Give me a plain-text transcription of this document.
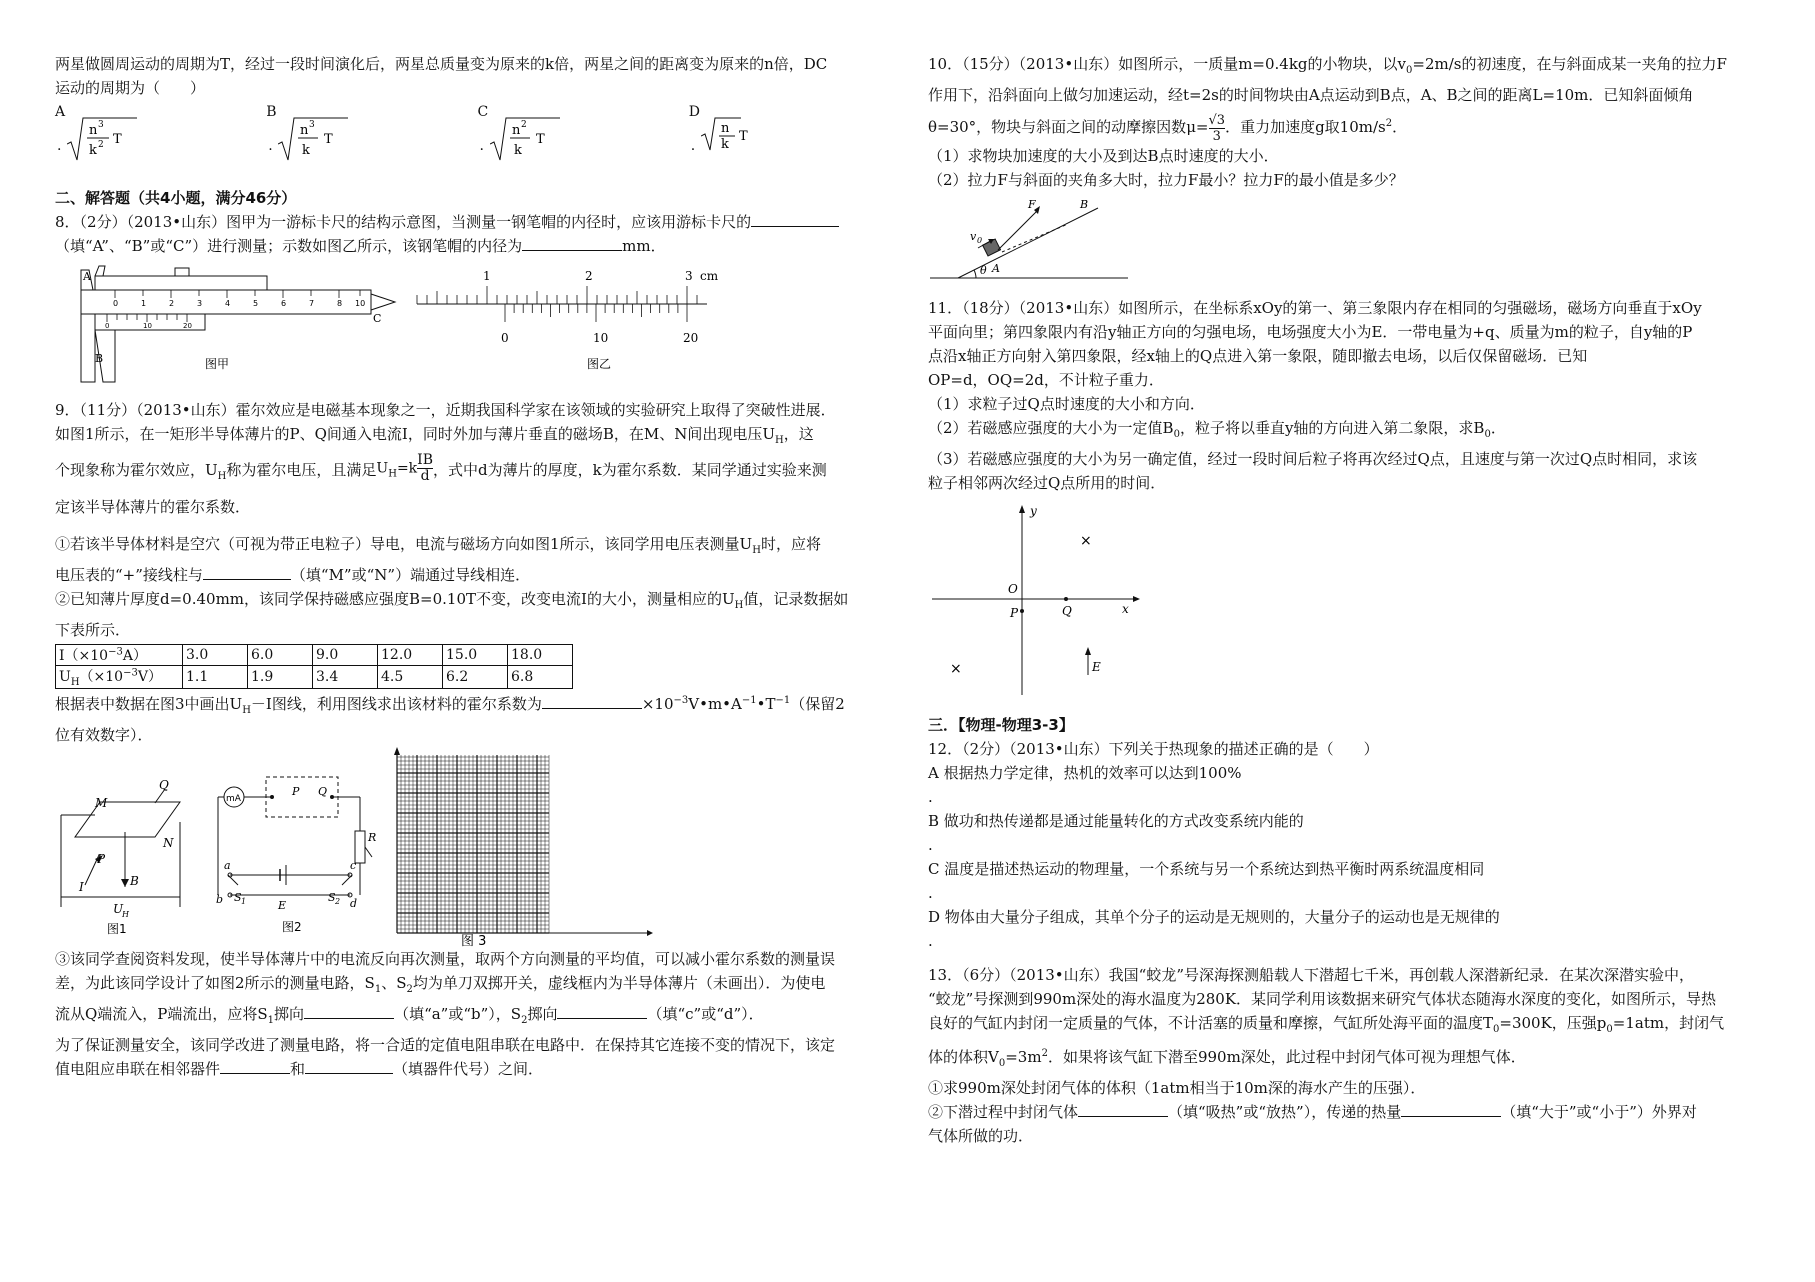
两星做圆周运动的周期为T，经过一段时间演化后，两星总质量变为原来的k倍，两星之间的距离变为原来的n倍，DC

运动的周期为（　　）

A
.
n 3
k 2 T
B
.
n 3
k
T
C
.
n 2
k
T
D
.
n
k
T

二、解答题（共4小题，满分46分）

8．（2分）（2013•山东）图甲为一游标卡尺的结构示意图，当测量一钢笔帽的内径时，应该用游标卡尺的

（填“A”、“B”或“C”）进行测量；示数如图乙所示，该钢笔帽的内径为	mm．

0	1	2	3	4	5	6	7	8 10
0	10	20
A
B
C
图甲
1	2	3 cm
0	10	20
图乙

9．（11分）（2013•山东）霍尔效应是电磁基本现象之一，近期我国科学家在该领域的实验研究上取得了突破性进展．

如图1所示，在一矩形半导体薄片的P、Q间通入电流I，同时外加与薄片垂直的磁场B，在M、N间出现电压$U_H$，这

个现象称为霍尔效应，$U_H$称为霍尔电压，且满足$U_H=k \frac{IB}{d}$ ，式中d为薄片的厚度，k为霍尔系数．某同学通过实验来测

定该半导体薄片的霍尔系数．

①若该半导体材料是空穴（可视为带正电粒子）导电，电流与磁场方向如图1所示，该同学用电压表测量$U_H$时，应将

电压表的“+”接线柱与	（填“M”或“N”）端通过导线相连．

②已知薄片厚度d=0.40mm，该同学保持磁感应强度B=0.10T不变，改变电流I的大小，测量相应的$U_H$值，记录数据如

下表所示．

$I(\times 10^{-3}A)$	3.0	6.0	9.0	12.0	15.0	18.0
$U_H(\times 10^{-3}V)$	1.1	1.9	3.4	4.5	6.2	6.8

根据表中数据在图3中画出$U_H-I$图线，利用图线求出该材料的霍尔系数为	$\times 10^{-3}V•m•A^{-1}•T^{-1}$（保留2

位有效数字）．

M
N
P
Q
B
I
U
H
图1
mA
P Q
R
a
b
c
d
S 1	S 2
E
图2
图 3

③该同学查阅资料发现，使半导体薄片中的电流反向再次测量，取两个方向测量的平均值，可以减小霍尔系数的测量误

差，为此该同学设计了如图2所示的测量电路，$S_1$、$S_2$均为单刀双掷开关，虚线框内为半导体薄片（未画出）．为使电

流从Q端流入，P端流出，应将$S_1$掷向	（填“a”或“b”），$S_2$掷向	（填“c”或“d”）．

为了保证测量安全，该同学改进了测量电路，将一合适的定值电阻串联在电路中．在保持其它连接不变的情况下，该定

值电阻应串联在相邻器件	和	（填器件代号）之间．

10．（15分）（2013•山东）如图所示，一质量m=0.4kg的小物块，以$v_0=2m/s$的初速度，在与斜面成某一夹角的拉力F

作用下，沿斜面向上做匀加速运动，经t=2s的时间物块由A点运动到B点，A、B之间的距离L=10m．已知斜面倾角

θ=30°，物块与斜面之间的动摩擦因数$\mu= \frac{√3}{3}$ ．重力加速度g取$10m/s^2$．

（1）求物块加速度的大小及到达B点时速度的大小．

（2）拉力F与斜面的夹角多大时，拉力F最小？拉力F的最小值是多少？

F	B
A
v 0
θ

11．（18分）（2013•山东）如图所示，在坐标系xOy的第一、第三象限内存在相同的匀强磁场，磁场方向垂直于xOy

平面向里；第四象限内有沿y轴正方向的匀强电场，电场强度大小为E．一带电量为+q、质量为m的粒子，自y轴的P

点沿x轴正方向射入第四象限，经x轴上的Q点进入第一象限，随即撤去电场，以后仅保留磁场．已知

OP=d，OQ=2d，不计粒子重力．

（1）求粒子过Q点时速度的大小和方向．

（2）若磁感应强度的大小为一定值$B_0$，粒子将以垂直y轴的方向进入第二象限，求$B_0$．

（3）若磁感应强度的大小为另一确定值，经过一段时间后粒子将再次经过Q点，且速度与第一次过Q点时相同，求该

粒子相邻两次经过Q点所用的时间．

y
x
O
P	Q
E
×
×

三．【物理-物理3-3】

12．（2分）（2013•山东）下列关于热现象的描述正确的是（　　）

A 根据热力学定律，热机的效率可以达到100%

.

B 做功和热传递都是通过能量转化的方式改变系统内能的

.

C 温度是描述热运动的物理量，一个系统与另一个系统达到热平衡时两系统温度相同

.

D 物体由大量分子组成，其单个分子的运动是无规则的，大量分子的运动也是无规律的

.

13．（6分）（2013•山东）我国“蛟龙”号深海探测船载人下潜超七千米，再创载人深潜新纪录．在某次深潜实验中，

“蛟龙”号探测到990m深处的海水温度为280K．某同学利用该数据来研究气体状态随海水深度的变化，如图所示，导热

良好的气缸内封闭一定质量的气体，不计活塞的质量和摩擦，气缸所处海平面的温度$T_0=300K$，压强$p_0=1atm$，封闭气

体的体积$V_0=3m^2$．如果将该气缸下潜至990m深处，此过程中封闭气体可视为理想气体．

①求990m深处封闭气体的体积（1atm相当于10m深的海水产生的压强）．

②下潜过程中封闭气体	（填“吸热”或“放热”），传递的热量	（填“大于”或“小于”）外界对

气体所做的功．
